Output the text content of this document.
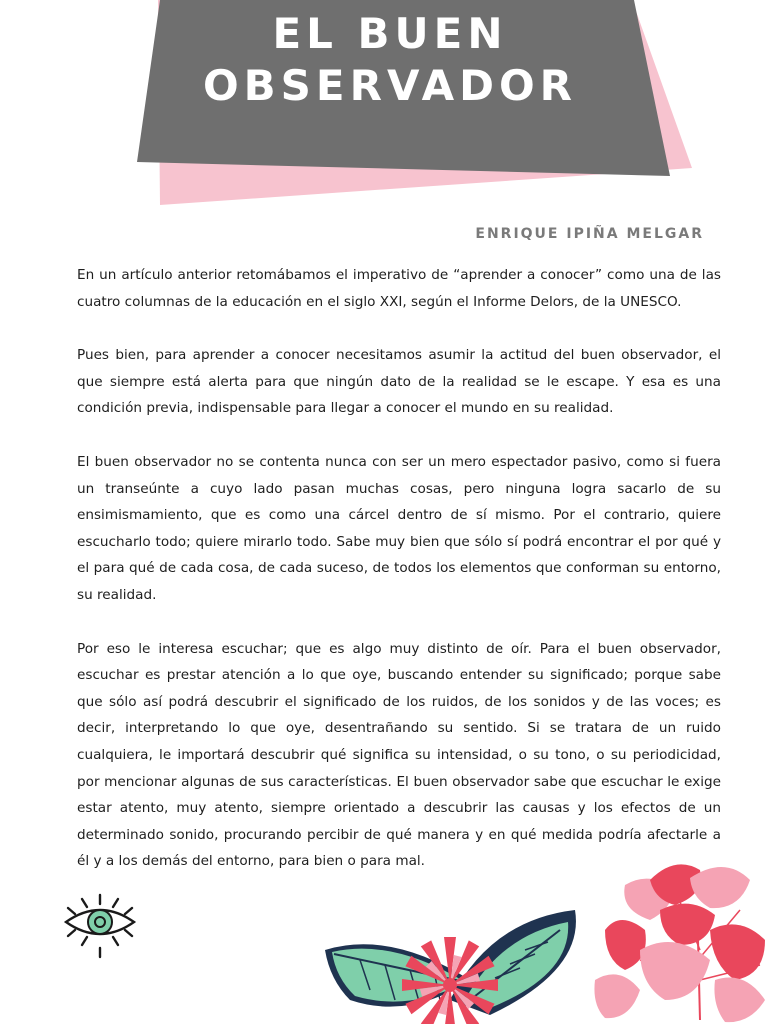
EL BUEN
OBSERVADOR
ENRIQUE IPIÑA MELGAR

En un artículo anterior retomábamos el imperativo de “aprender a conocer” como una de las cuatro columnas de la educación en el siglo XXI, según el Informe Delors, de la UNESCO.

Pues bien, para aprender a conocer necesitamos asumir la actitud del buen observador, el que siempre está alerta para que ningún dato de la realidad se le escape. Y esa es una condición previa, indispensable para llegar a conocer el mundo en su realidad.

El buen observador no se contenta nunca con ser un mero espectador pasivo, como si fuera un transeúnte a cuyo lado pasan muchas cosas, pero ninguna logra sacarlo de su ensimismamiento, que es como una cárcel dentro de sí mismo. Por el contrario, quiere escucharlo todo; quiere mirarlo todo. Sabe muy bien que sólo sí podrá encontrar el por qué y el para qué de cada cosa, de cada suceso, de todos los elementos que conforman su entorno, su realidad.

Por eso le interesa escuchar; que es algo muy distinto de oír. Para el buen observador, escuchar es prestar atención a lo que oye, buscando entender su significado; porque sabe que sólo así podrá descubrir el significado de los ruidos, de los sonidos y de las voces; es decir, interpretando lo que oye, desentrañando su sentido. Si se tratara de un ruido cualquiera, le importará descubrir qué significa su intensidad, o su tono, o su periodicidad, por mencionar algunas de sus características. El buen observador sabe que escuchar le exige estar atento, muy atento, siempre orientado a descubrir las causas y los efectos de un determinado sonido, procurando percibir de qué manera y en qué medida podría afectarle a él y a los demás del entorno, para bien o para mal.
